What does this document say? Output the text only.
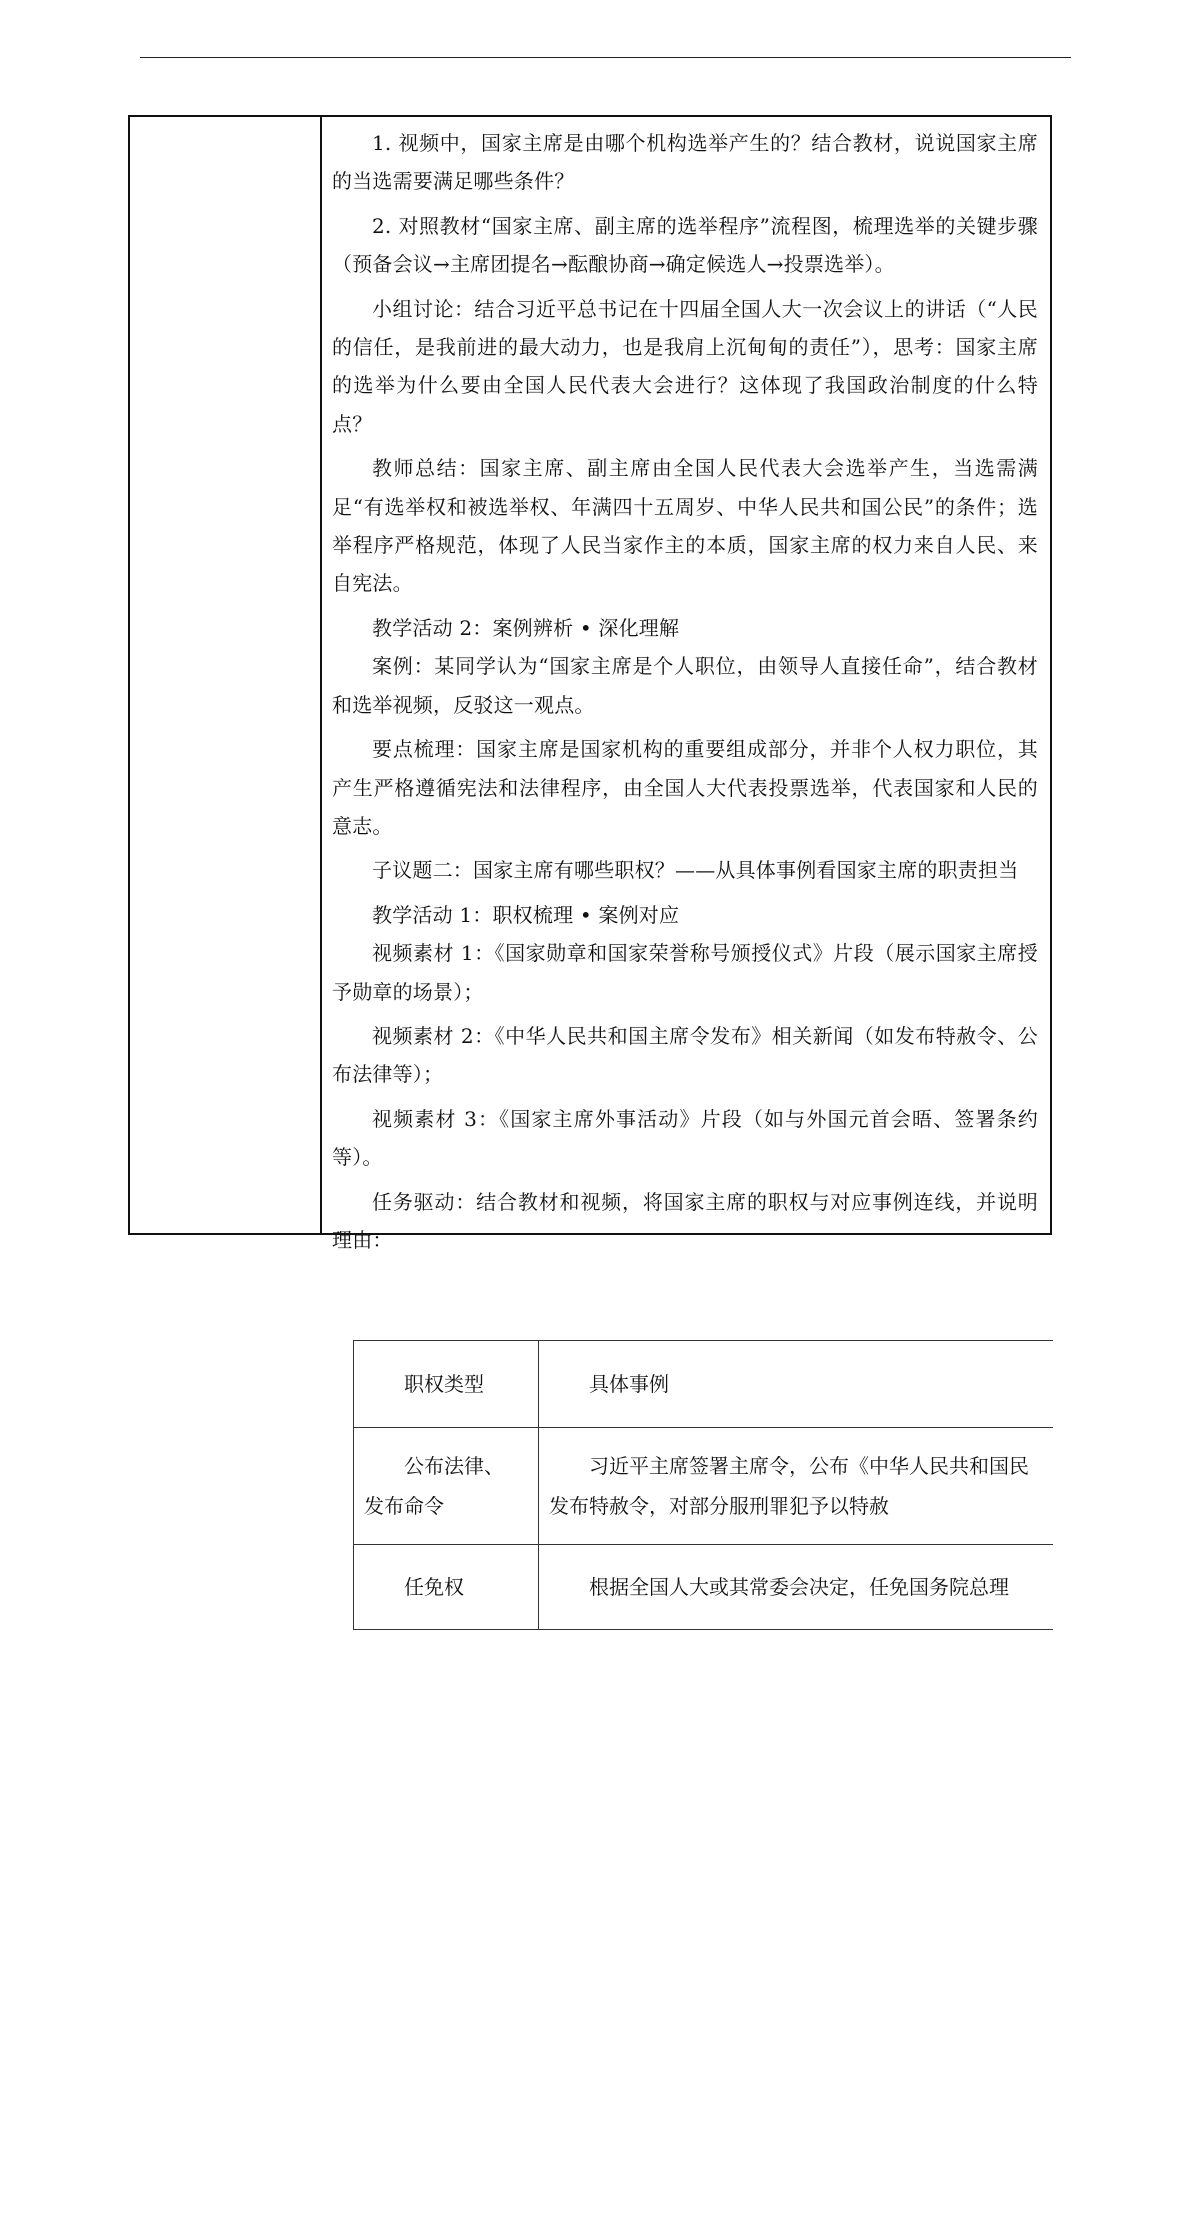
1. 视频中，国家主席是由哪个机构选举产生的？结合教材，说说国家主席的当选需要满足哪些条件？

2. 对照教材“国家主席、副主席的选举程序”流程图，梳理选举的关键步骤（预备会议→主席团提名→酝酿协商→确定候选人→投票选举）。

小组讨论：结合习近平总书记在十四届全国人大一次会议上的讲话（“人民的信任，是我前进的最大动力，也是我肩上沉甸甸的责任”），思考：国家主席的选举为什么要由全国人民代表大会进行？这体现了我国政治制度的什么特点？

教师总结：国家主席、副主席由全国人民代表大会选举产生，当选需满足“有选举权和被选举权、年满四十五周岁、中华人民共和国公民”的条件；选举程序严格规范，体现了人民当家作主的本质，国家主席的权力来自人民、来自宪法。

教学活动 2：案例辨析 • 深化理解

案例：某同学认为“国家主席是个人职位，由领导人直接任命”，结合教材和选举视频，反驳这一观点。

要点梳理：国家主席是国家机构的重要组成部分，并非个人权力职位，其产生严格遵循宪法和法律程序，由全国人大代表投票选举，代表国家和人民的意志。

子议题二：国家主席有哪些职权？——从具体事例看国家主席的职责担当

教学活动 1：职权梳理 • 案例对应

视频素材 1：《国家勋章和国家荣誉称号颁授仪式》片段（展示国家主席授予勋章的场景）；

视频素材 2：《中华人民共和国主席令发布》相关新闻（如发布特赦令、公布法律等）；

视频素材 3：《国家主席外事活动》片段（如与外国元首会晤、签署条约等）。

任务驱动：结合教材和视频，将国家主席的职权与对应事例连线，并说明理由：

职权类型	具体事例

公布法律、
发布命令	习近平主席签署主席令，公布《中华人民共和国民
发布特赦令，对部分服刑罪犯予以特赦

任免权	根据全国人大或其常委会决定，任免国务院总理
